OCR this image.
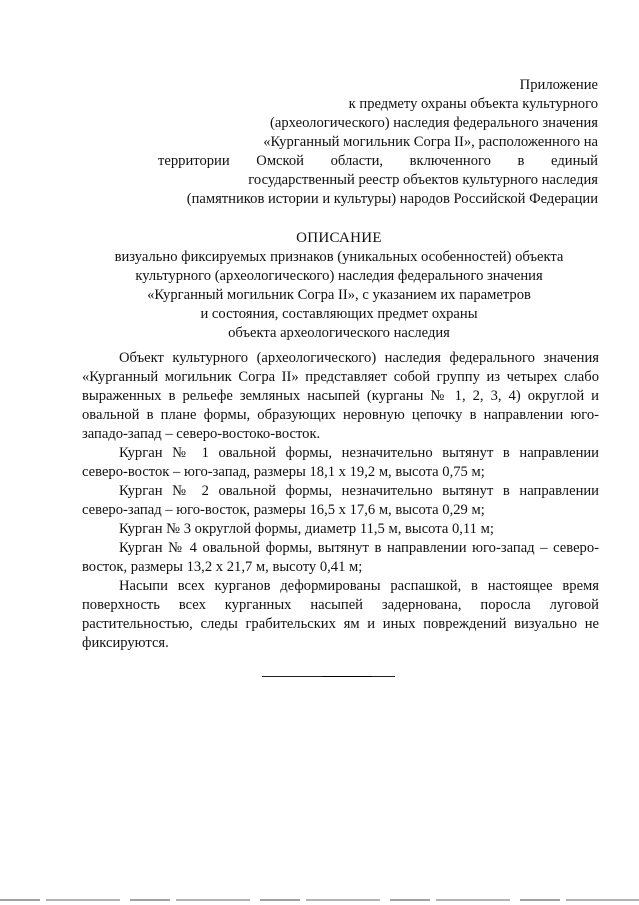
Приложение
к предмету охраны объекта культурного
(археологического) наследия федерального значения
«Курганный могильник Согра II», расположенного на
территории Омской области, включенного в единый
государственный реестр объектов культурного наследия
(памятников истории и культуры) народов Российской Федерации
ОПИСАНИЕ
визуально фиксируемых признаков (уникальных особенностей) объекта
культурного (археологического) наследия федерального значения
«Курганный могильник Согра II», с указанием их параметров
и состояния, составляющих предмет охраны
объекта археологического наследия
Объект культурного (археологического) наследия федерального значения
«Курганный могильник Согра II» представляет собой группу из четырех слабо
выраженных в рельефе земляных насыпей (курганы № 1, 2, 3, 4) округлой и
овальной в плане формы, образующих неровную цепочку в направлении юго-
западо-запад – северо-востоко-восток.
Курган № 1 овальной формы, незначительно вытянут в направлении
северо-восток – юго-запад, размеры 18,1 х 19,2 м, высота 0,75 м;
Курган № 2 овальной формы, незначительно вытянут в направлении
северо-запад – юго-восток, размеры 16,5 х 17,6 м, высота 0,29 м;
Курган № 3 округлой формы, диаметр 11,5 м, высота 0,11 м;
Курган № 4 овальной формы, вытянут в направлении юго-запад – северо-
восток, размеры 13,2 х 21,7 м, высоту 0,41 м;
Насыпи всех курганов деформированы распашкой, в настоящее время
поверхность всех курганных насыпей задернована, поросла луговой
растительностью, следы грабительских ям и иных повреждений визуально не
фиксируются.
